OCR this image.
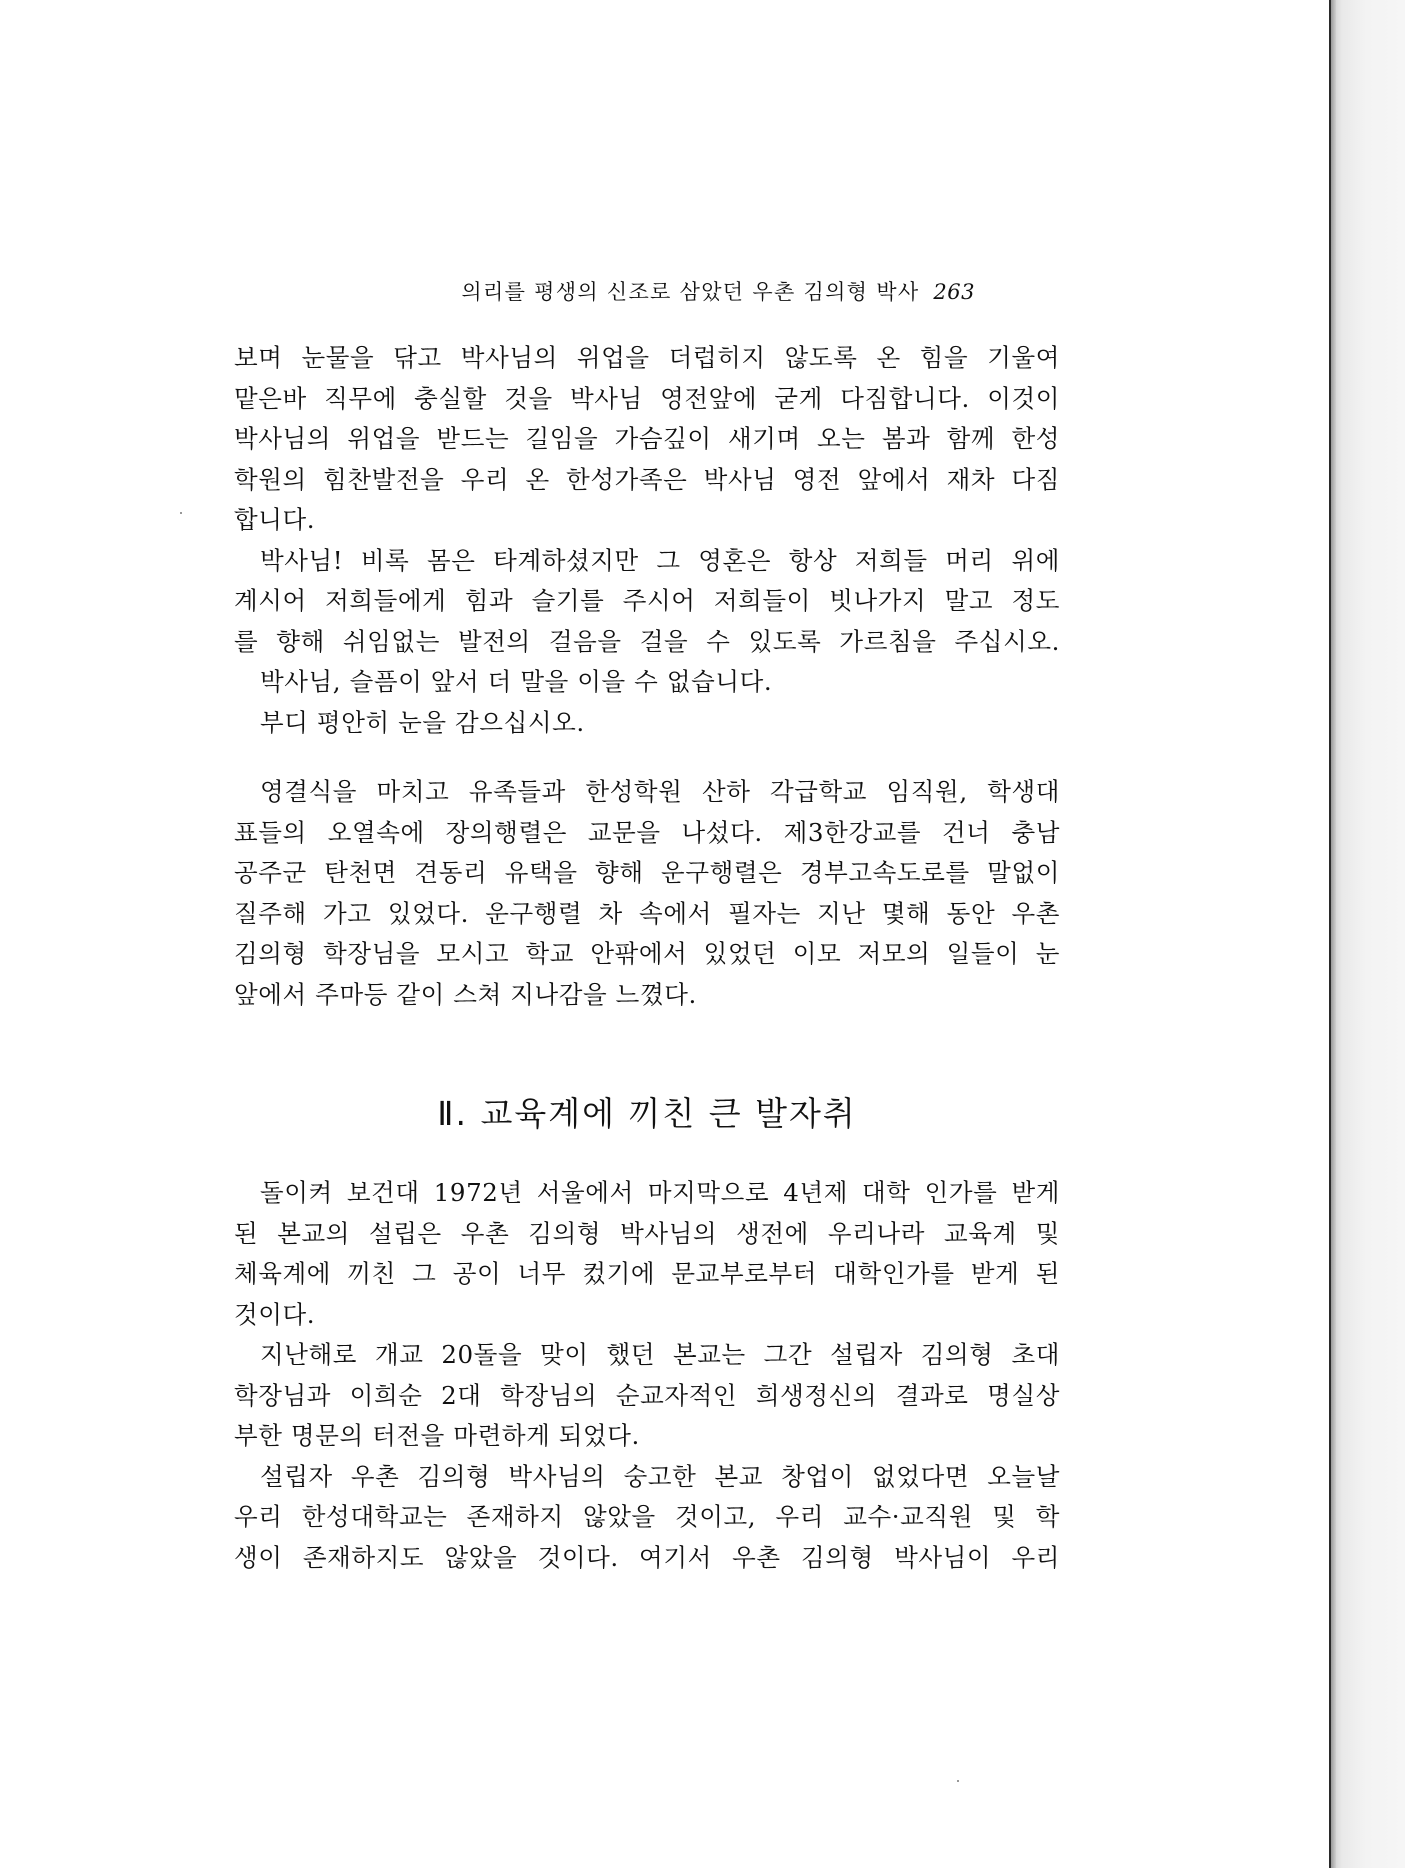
의리를 평생의 신조로 삼았던 우촌 김의형 박사 263
보며 눈물을 닦고 박사님의 위업을 더럽히지 않도록 온 힘을 기울여
맡은바 직무에 충실할 것을 박사님 영전앞에 굳게 다짐합니다. 이것이
박사님의 위업을 받드는 길임을 가슴깊이 새기며 오는 봄과 함께 한성
학원의 힘찬발전을 우리 온 한성가족은 박사님 영전 앞에서 재차 다짐
합니다.
박사님! 비록 몸은 타계하셨지만 그 영혼은 항상 저희들 머리 위에
계시어 저희들에게 힘과 슬기를 주시어 저희들이 빗나가지 말고 정도
를 향해 쉬임없는 발전의 걸음을 걸을 수 있도록 가르침을 주십시오.
박사님, 슬픔이 앞서 더 말을 이을 수 없습니다.
부디 평안히 눈을 감으십시오.
영결식을 마치고 유족들과 한성학원 산하 각급학교 임직원, 학생대
표들의 오열속에 장의행렬은 교문을 나섰다. 제3한강교를 건너 충남
공주군 탄천면 견동리 유택을 향해 운구행렬은 경부고속도로를 말없이
질주해 가고 있었다. 운구행렬 차 속에서 필자는 지난 몇해 동안 우촌
김의형 학장님을 모시고 학교 안팎에서 있었던 이모 저모의 일들이 눈
앞에서 주마등 같이 스쳐 지나감을 느꼈다.
Ⅱ. 교육계에 끼친 큰 발자취
돌이켜 보건대 1972년 서울에서 마지막으로 4년제 대학 인가를 받게
된 본교의 설립은 우촌 김의형 박사님의 생전에 우리나라 교육계 및
체육계에 끼친 그 공이 너무 컸기에 문교부로부터 대학인가를 받게 된
것이다.
지난해로 개교 20돌을 맞이 했던 본교는 그간 설립자 김의형 초대
학장님과 이희순 2대 학장님의 순교자적인 희생정신의 결과로 명실상
부한 명문의 터전을 마련하게 되었다.
설립자 우촌 김의형 박사님의 숭고한 본교 창업이 없었다면 오늘날
우리 한성대학교는 존재하지 않았을 것이고, 우리 교수·교직원 및 학
생이 존재하지도 않았을 것이다. 여기서 우촌 김의형 박사님이 우리
